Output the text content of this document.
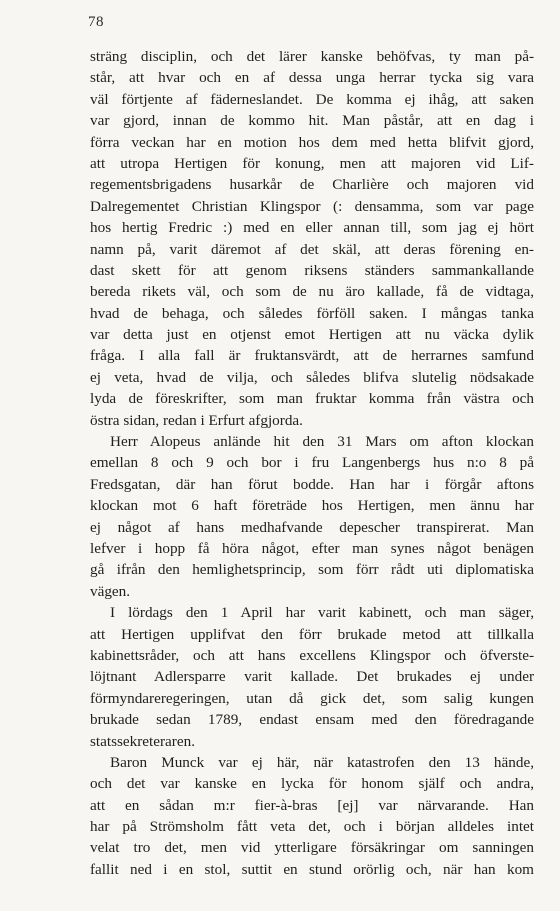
78
sträng disciplin, och det lärer kanske behöfvas, ty man på-
står, att hvar och en af dessa unga herrar tycka sig vara
väl förtjente af fäderneslandet. De komma ej ihåg, att saken
var gjord, innan de kommo hit. Man påstår, att en dag i
förra veckan har en motion hos dem med hetta blifvit gjord,
att utropa Hertigen för konung, men att majoren vid Lif-
regementsbrigadens husarkår de Charlière och majoren vid
Dalregementet Christian Klingspor (: densamma, som var page
hos hertig Fredric :) med en eller annan till, som jag ej hört
namn på, varit däremot af det skäl, att deras förening en-
dast skett för att genom riksens ständers sammankallande
bereda rikets väl, och som de nu äro kallade, få de vidtaga,
hvad de behaga, och således förföll saken. I mångas tanka
var detta just en otjenst emot Hertigen att nu väcka dylik
fråga. I alla fall är fruktansvärdt, att de herrarnes samfund
ej veta, hvad de vilja, och således blifva slutelig nödsakade
lyda de föreskrifter, som man fruktar komma från västra och
östra sidan, redan i Erfurt afgjorda.
Herr Alopeus anlände hit den 31 Mars om afton klockan
emellan 8 och 9 och bor i fru Langenbergs hus n:o 8 på
Fredsgatan, där han förut bodde. Han har i förgår aftons
klockan mot 6 haft företräde hos Hertigen, men ännu har
ej något af hans medhafvande depescher transpirerat. Man
lefver i hopp få höra något, efter man synes något benägen
gå ifrån den hemlighetsprincip, som förr rådt uti diplomatiska
vägen.
I lördags den 1 April har varit kabinett, och man säger,
att Hertigen upplifvat den förr brukade metod att tillkalla
kabinettsråder, och att hans excellens Klingspor och öfverste-
löjtnant Adlersparre varit kallade. Det brukades ej under
förmyndareregeringen, utan då gick det, som salig kungen
brukade sedan 1789, endast ensam med den föredragande
statssekreteraren.
Baron Munck var ej här, när katastrofen den 13 hände,
och det var kanske en lycka för honom själf och andra,
att en sådan m:r fier-à-bras [ej] var närvarande. Han
har på Strömsholm fått veta det, och i början alldeles intet
velat tro det, men vid ytterligare försäkringar om sanningen
fallit ned i en stol, suttit en stund orörlig och, när han kom
